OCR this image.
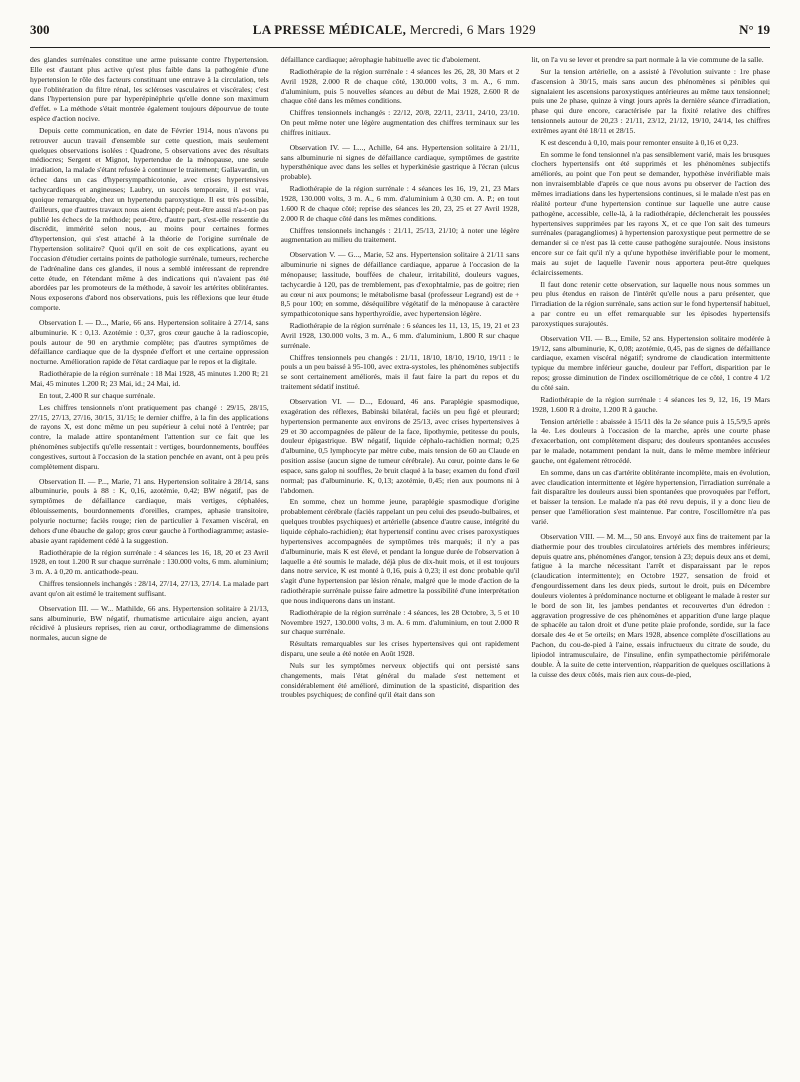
300	LA PRESSE MÉDICALE, Mercredi, 6 Mars 1929	N° 19

des glandes surrénales constitue une arme puissante contre l'hypertension. Elle est d'autant plus active qu'est plus faible dans la pathogénie d'une hypertension le rôle des facteurs constituant une entrave à la circulation, tels que l'oblitération du filtre rénal, les scléroses vasculaires et viscérales; c'est dans l'hypertension pure par hyperépinéphrie qu'elle donne son maximum d'effet. » La méthode s'était montrée également toujours dépourvue de toute espèce d'action nocive.

Depuis cette communication, en date de Février 1914, nous n'avons pu retrouver aucun travail d'ensemble sur cette question, mais seulement quelques observations isolées : Quadrone, 5 observations avec des résultats médiocres; Sergent et Mignot, hypertendue de la ménopause, une seule irradiation, la malade s'étant refusée à continuer le traitement; Gallavardin, un échec dans un cas d'hypersympathicotonie, avec crises hypertensives tachycardiques et angineuses; Laubry, un succès temporaire, il est vrai, quoique remarquable, chez un hypertendu paroxystique. Il est très possible, d'ailleurs, que d'autres travaux nous aient échappé; peut-être aussi n'a-t-on pas publié les échecs de la méthode; peut-être, d'autre part, s'est-elle ressentie du discrédit, immérité selon nous, au moins pour certaines formes d'hypertension, qui s'est attaché à la théorie de l'origine surrénale de l'hypertension solitaire? Quoi qu'il en soit de ces explications, ayant eu l'occasion d'étudier certains points de pathologie surrénale, tumeurs, recherche de l'adrénaline dans ces glandes, il nous a semblé intéressant de reprendre cette étude, en l'étendant même à des indications qui n'avaient pas été abordées par les promoteurs de la méthode, à savoir les artérites oblitérantes. Nous exposerons d'abord nos observations, puis les réflexions que leur étude comporte.

Observation I. — D..., Marie, 66 ans. Hypertension solitaire à 27/14, sans albuminurie. K : 0,13. Azotémie : 0,37, gros cœur gauche à la radioscopie, pouls autour de 90 en arythmie complète; pas d'autres symptômes de défaillance cardiaque que de la dyspnée d'effort et une certaine oppression nocturne. Amélioration rapide de l'état cardiaque par le repos et la digitale.

Radiothérapie de la région surrénale : 18 Mai 1928, 45 minutes 1.200 R; 21 Mai, 45 minutes 1.200 R; 23 Mai, id.; 24 Mai, id.

En tout, 2.400 R sur chaque surrénale.

Les chiffres tensionnels n'ont pratiquement pas changé : 29/15, 28/15, 27/15, 27/13, 27/16, 30/15, 31/15; le dernier chiffre, à la fin des applications de rayons X, est donc même un peu supérieur à celui noté à l'entrée; par contre, la malade attire spontanément l'attention sur ce fait que les phénomènes subjectifs qu'elle ressentait : vertiges, bourdonnements, bouffées congestives, surtout à l'occasion de la station penchée en avant, ont à peu près complètement disparu.

Observation II. — P..., Marie, 71 ans. Hypertension solitaire à 28/14, sans albuminurie, pouls à 88 : K, 0,16, azotémie, 0,42; BW négatif, pas de symptômes de défaillance cardiaque, mais vertiges, céphalées, éblouissements, bourdonnements d'oreilles, crampes, aphasie transitoire, polyurie nocturne; faciès rouge; rien de particulier à l'examen viscéral, en dehors d'une ébauche de galop; gros cœur gauche à l'orthodiagramme; astasie-abasie ayant rapidement cédé à la suggestion.

Radiothérapie de la région surrénale : 4 séances les 16, 18, 20 et 23 Avril 1928, en tout 1.200 R sur chaque surrénale : 130.000 volts, 6 mm. aluminium; 3 m. A. à 0,20 m. anticathode-peau.

Chiffres tensionnels inchangés : 28/14, 27/14, 27/13, 27/14. La malade part avant qu'on ait estimé le traitement suffisant.

Observation III. — W... Mathilde, 66 ans. Hypertension solitaire à 21/13, sans albuminurie, BW négatif, rhumatisme articulaire aigu ancien, ayant récidivé à plusieurs reprises, rien au cœur, orthodiagramme de dimensions normales, aucun signe de

défaillance cardiaque; aérophagie habituelle avec tic d'aboiement.

Radiothérapie de la région surrénale : 4 séances les 26, 28, 30 Mars et 2 Avril 1928, 2.000 R de chaque côté, 130.000 volts, 3 m. A., 6 mm. d'aluminium, puis 5 nouvelles séances au début de Mai 1928, 2.600 R de chaque côté dans les mêmes conditions.

Chiffres tensionnels inchangés : 22/12, 20/8, 22/11, 23/11, 24/10, 23/10. On peut même noter une légère augmentation des chiffres terminaux sur les chiffres initiaux.

Observation IV. — L..., Achille, 64 ans. Hypertension solitaire à 21/11, sans albuminurie ni signes de défaillance cardiaque, symptômes de gastrite hypersthénique avec dans les selles et hyperkinésie gastrique à l'écran (ulcus probable).

Radiothérapie de la région surrénale : 4 séances les 16, 19, 21, 23 Mars 1928, 130.000 volts, 3 m. A., 6 mm. d'aluminium à 0,30 cm. A. P.; en tout 1.600 R de chaque côté; reprise des séances les 20, 23, 25 et 27 Avril 1928, 2.000 R de chaque côté dans les mêmes conditions.

Chiffres tensionnels inchangés : 21/11, 25/13, 21/10; à noter une légère augmentation au milieu du traitement.

Observation V. — G..., Marie, 52 ans. Hypertension solitaire à 21/11 sans albuminurie ni signes de défaillance cardiaque, apparue à l'occasion de la ménopause; lassitude, bouffées de chaleur, irritabilité, douleurs vagues, tachycardie à 120, pas de tremblement, pas d'exophtalmie, pas de goitre; rien au cœur ni aux poumons; le métabolisme basal (professeur Legrand) est de + 8,5 pour 100; en somme, déséquilibre végétatif de la ménopause à caractère sympathicotonique sans hyperthyroïdie, avec hypertension légère.

Radiothérapie de la région surrénale : 6 séances les 11, 13, 15, 19, 21 et 23 Avril 1928, 130.000 volts, 3 m. A., 6 mm. d'aluminium, 1.800 R sur chaque surrénale.

Chiffres tensionnels peu changés : 21/11, 18/10, 18/10, 19/10, 19/11 : le pouls a un peu baissé à 95-100, avec extra-systoles, les phénomènes subjectifs se sont certainement améliorés, mais il faut faire la part du repos et du traitement sédatif institué.

Observation VI. — D..., Edouard, 46 ans. Paraplégie spasmodique, exagération des réflexes, Babinski bilatéral, faciès un peu figé et pleurard; hypertension permanente aux environs de 25/13, avec crises hypertensives à 29 et 30 accompagnées de pâleur de la face, lipothymie, petitesse du pouls, douleur épigastrique. BW négatif, liquide céphalo-rachidien normal; 0,25 d'albumine, 0,5 lymphocyte par mètre cube, mais tension de 60 au Claude en position assise (aucun signe de tumeur cérébrale). Au cœur, pointe dans le 6e espace, sans galop ni souffles, 2e bruit claqué à la base; examen du fond d'œil normal; pas d'albuminurie. K, 0,13; azotémie, 0,45; rien aux poumons ni à l'abdomen.

En somme, chez un homme jeune, paraplégie spasmodique d'origine probablement cérébrale (faciès rappelant un peu celui des pseudo-bulbaires, et quelques troubles psychiques) et artérielle (absence d'autre cause, intégrité du liquide céphalo-rachidien); état hypertensif continu avec crises paroxystiques hypertensives accompagnées de symptômes très marqués; il n'y a pas d'albuminurie, mais K est élevé, et pendant la longue durée de l'observation à laquelle a été soumis le malade, déjà plus de dix-huit mois, et il est toujours dans notre service, K est monté à 0,16, puis à 0,23; il est donc probable qu'il s'agit d'une hypertension par lésion rénale, malgré que le mode d'action de la radiothérapie surrénale puisse faire admettre la possibilité d'une interprétation que nous indiquerons dans un instant.

Radiothérapie de la région surrénale : 4 séances, les 28 Octobre, 3, 5 et 10 Novembre 1927, 130.000 volts, 3 m. A. 6 mm. d'aluminium, en tout 2.000 R sur chaque surrénale.

Résultats remarquables sur les crises hypertensives qui ont rapidement disparu, une seule a été notée en Août 1928.

Nuls sur les symptômes nerveux objectifs qui ont persisté sans changements, mais l'état général du malade s'est nettement et considérablement été amélioré, diminution de la spasticité, disparition des troubles psychiques; de confiné qu'il était dans son

lit, on l'a vu se lever et prendre sa part normale à la vie commune de la salle.

Sur la tension artérielle, on a assisté à l'évolution suivante : 1re phase d'ascension à 30/15, mais sans aucun des phénomènes si pénibles qui signalaient les ascensions paroxystiques antérieures au même taux tensionnel; puis une 2e phase, quinze à vingt jours après la dernière séance d'irradiation, phase qui dure encore, caractérisée par la fixité relative des chiffres tensionnels autour de 20,23 : 21/11, 23/12, 21/12, 19/10, 24/14, les chiffres extrêmes ayant été 18/11 et 28/15.

K est descendu à 0,10, mais pour remonter ensuite à 0,16 et 0,23.

En somme le fond tensionnel n'a pas sensiblement varié, mais les brusques clochers hypertensifs ont été supprimés et les phénomènes subjectifs améliorés, au point que l'on peut se demander, hypothèse invérifiable mais non invraisemblable d'après ce que nous avons pu observer de l'action des mêmes irradiations dans les hypertensions continues, si le malade n'est pas en réalité porteur d'une hypertension continue sur laquelle une autre cause pathogène, accessible, celle-là, à la radiothérapie, déclencherait les poussées hypertensives supprimées par les rayons X, et ce que l'on sait des tumeurs surrénales (paragangliomes) à hypertension paroxystique peut permettre de se demander si ce n'est pas là cette cause pathogène surajoutée. Nous insistons encore sur ce fait qu'il n'y a qu'une hypothèse invérifiable pour le moment, mais au sujet de laquelle l'avenir nous apportera peut-être quelques éclaircissements.

Il faut donc retenir cette observation, sur laquelle nous nous sommes un peu plus étendus en raison de l'intérêt qu'elle nous a paru présenter, que l'irradiation de la région surrénale, sans action sur le fond hypertensif habituel, a par contre eu un effet remarquable sur les épisodes hypertensifs paroxystiques surajoutés.

Observation VII. — B..., Emile, 52 ans. Hypertension solitaire modérée à 19/12, sans albuminurie, K, 0,08; azotémie, 0,45, pas de signes de défaillance cardiaque, examen viscéral négatif; syndrome de claudication intermittente typique du membre inférieur gauche, douleur par l'effort, disparition par le repos; grosse diminution de l'index oscillométrique de ce côté, 1 contre 4 1/2 du côté sain.

Radiothérapie de la région surrénale : 4 séances les 9, 12, 16, 19 Mars 1928, 1.600 R à droite, 1.200 R à gauche.

Tension artérielle : abaissée à 15/11 dès la 2e séance puis à 15,5/9,5 après la 4e. Les douleurs à l'occasion de la marche, après une courte phase d'exacerbation, ont complètement disparu; des douleurs spontanées accusées par le malade, notamment pendant la nuit, dans le même membre inférieur gauche, ont également rétrocédé.

En somme, dans un cas d'artérite oblitérante incomplète, mais en évolution, avec claudication intermittente et légère hypertension, l'irradiation surrénale a fait disparaître les douleurs aussi bien spontanées que provoquées par l'effort, et baisser la tension. Le malade n'a pas été revu depuis, il y a donc lieu de penser que l'amélioration s'est maintenue. Par contre, l'oscillomètre n'a pas varié.

Observation VIII. — M. M..., 50 ans. Envoyé aux fins de traitement par la diathermie pour des troubles circulatoires artériels des membres inférieurs; depuis quatre ans, phénomènes d'angor, tension à 23; depuis deux ans et demi, fatigue à la marche nécessitant l'arrêt et disparaissant par le repos (claudication intermittente); en Octobre 1927, sensation de froid et d'engourdissement dans les deux pieds, surtout le droit, puis en Décembre douleurs violentes à prédominance nocturne et obligeant le malade à rester sur le bord de son lit, les jambes pendantes et recouvertes d'un édredon : aggravation progressive de ces phénomènes et apparition d'une large plaque de sphacèle au talon droit et d'une petite plaie profonde, sordide, sur la face dorsale des 4e et 5e orteils; en Mars 1928, absence complète d'oscillations au Pachon, du cou-de-pied à l'aine, essais infructueux du citrate de soude, du lipiodol intramusculaire, de l'insuline, enfin sympathectomie périfémorale double. À la suite de cette intervention, réapparition de quelques oscillations à la cuisse des deux côtés, mais rien aux cous-de-pied,
